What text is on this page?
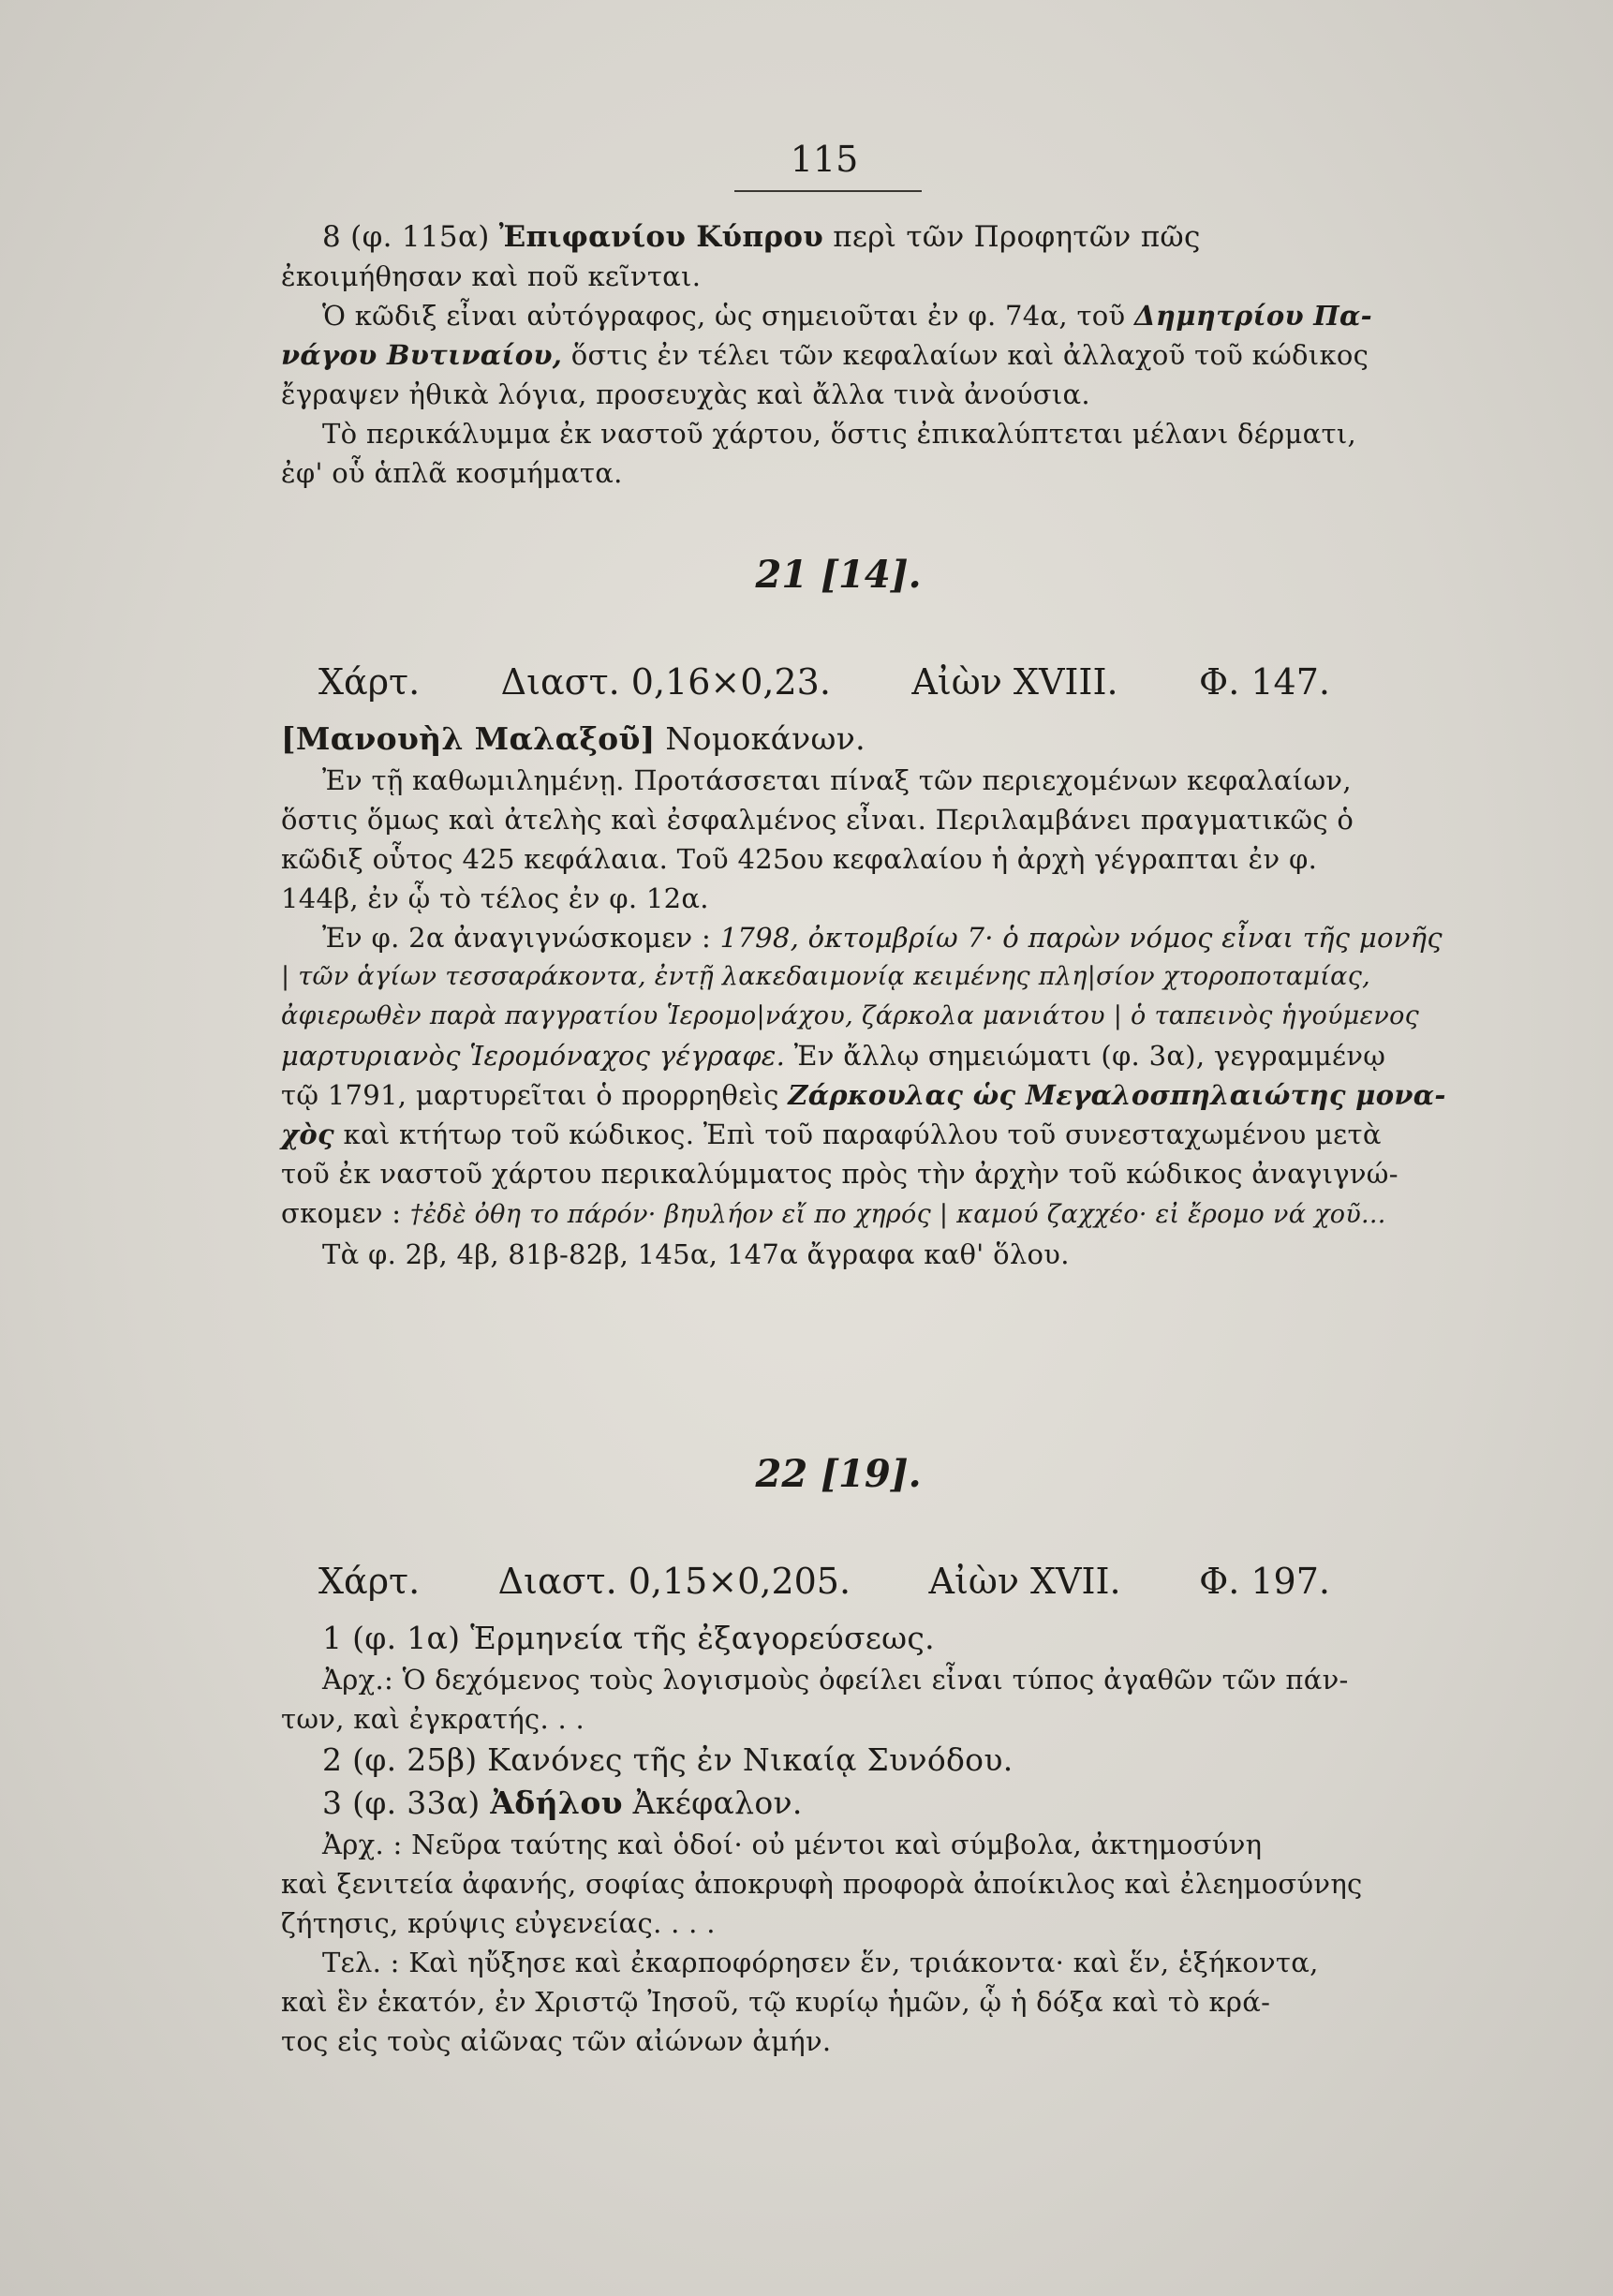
115
8 (φ. 115α) Ἐπιφανίου Κύπρου περὶ τῶν Προφητῶν πῶς
ἐκοιμήθησαν καὶ ποῦ κεῖνται.
Ὁ κῶδιξ εἶναι αὐτόγραφος, ὡς σημειοῦται ἐν φ. 74α, τοῦ Δημητρίου Πα-
νάγου Βυτιναίου, ὅστις ἐν τέλει τῶν κεφαλαίων καὶ ἀλλαχοῦ τοῦ κώδικος
ἔγραψεν ἠθικὰ λόγια, προσευχὰς καὶ ἄλλα τινὰ ἀνούσια.
Τὸ περικάλυμμα ἐκ ναστοῦ χάρτου, ὅστις ἐπικαλύπτεται μέλανι δέρματι,
ἐφ' οὗ ἁπλᾶ κοσμήματα.
21 [14].
Χάρτ. Διαστ. 0,16×0,23. Αἰὼν XVIII. Φ. 147.
[Μανουὴλ Μαλαξοῦ] Νομοκάνων.
Ἐν τῇ καθωμιλημένῃ. Προτάσσεται πίναξ τῶν περιεχομένων κεφαλαίων,
ὅστις ὅμως καὶ ἀτελὴς καὶ ἐσφαλμένος εἶναι. Περιλαμβάνει πραγματικῶς ὁ
κῶδιξ οὗτος 425 κεφάλαια. Τοῦ 425ου κεφαλαίου ἡ ἀρχὴ γέγραπται ἐν φ.
144β, ἐν ᾧ τὸ τέλος ἐν φ. 12α.
Ἐν φ. 2α ἀναγιγνώσκομεν : 1798, ὀκτομβρίω 7· ὁ παρὼν νόμος εἶναι τῆς μονῆς
| τῶν ἁγίων τεσσαράκοντα, ἐντῇ λακεδαιμονίᾳ κειμένης πλη|σίον χτοροποταμίας,
ἀφιερωθὲν παρὰ παγγρατίου Ἱερομο|νάχου, ζάρκολα μανιάτου | ὁ ταπεινὸς ἡγούμενος
μαρτυριανὸς Ἱερομόναχος γέγραφε. Ἐν ἄλλῳ σημειώματι (φ. 3α), γεγραμμένῳ
τῷ 1791, μαρτυρεῖται ὁ προρρηθεὶς Ζάρκουλας ὡς Μεγαλοσπηλαιώτης μονα-
χὸς καὶ κτήτωρ τοῦ κώδικος. Ἐπὶ τοῦ παραφύλλου τοῦ συνεσταχωμένου μετὰ
τοῦ ἐκ ναστοῦ χάρτου περικαλύμματος πρὸς τὴν ἀρχὴν τοῦ κώδικος ἀναγιγνώ-
σκομεν : †ἐδὲ ὀθη το πάρόν· βηυλήον εἴ πο χηρός | καμού ζαχχέο· εἰ ἔρομο νά χοῦ...
Τὰ φ. 2β, 4β, 81β-82β, 145α, 147α ἄγραφα καθ' ὅλου.
22 [19].
Χάρτ. Διαστ. 0,15×0,205. Αἰὼν XVII. Φ. 197.
1 (φ. 1α) Ἑρμηνεία τῆς ἐξαγορεύσεως.
Ἀρχ.: Ὁ δεχόμενος τοὺς λογισμοὺς ὀφείλει εἶναι τύπος ἀγαθῶν τῶν πάν-
των, καὶ ἐγκρατής. . .
2 (φ. 25β) Κανόνες τῆς ἐν Νικαίᾳ Συνόδου.
3 (φ. 33α) Ἀδήλου Ἀκέφαλον.
Ἀρχ. : Νεῦρα ταύτης καὶ ὁδοί· οὐ μέντοι καὶ σύμβολα, ἀκτημοσύνη
καὶ ξενιτεία ἀφανής, σοφίας ἀποκρυφὴ προφορὰ ἀποίκιλος καὶ ἐλεημοσύνης
ζήτησις, κρύψις εὐγενείας. . . .
Τελ. : Καὶ ηὔξησε καὶ ἐκαρποφόρησεν ἕν, τριάκοντα· καὶ ἕν, ἑξήκοντα,
καὶ ἓν ἑκατόν, ἐν Χριστῷ Ἰησοῦ, τῷ κυρίῳ ἡμῶν, ᾧ ἡ δόξα καὶ τὸ κρά-
τος εἰς τοὺς αἰῶνας τῶν αἰώνων ἀμήν.
